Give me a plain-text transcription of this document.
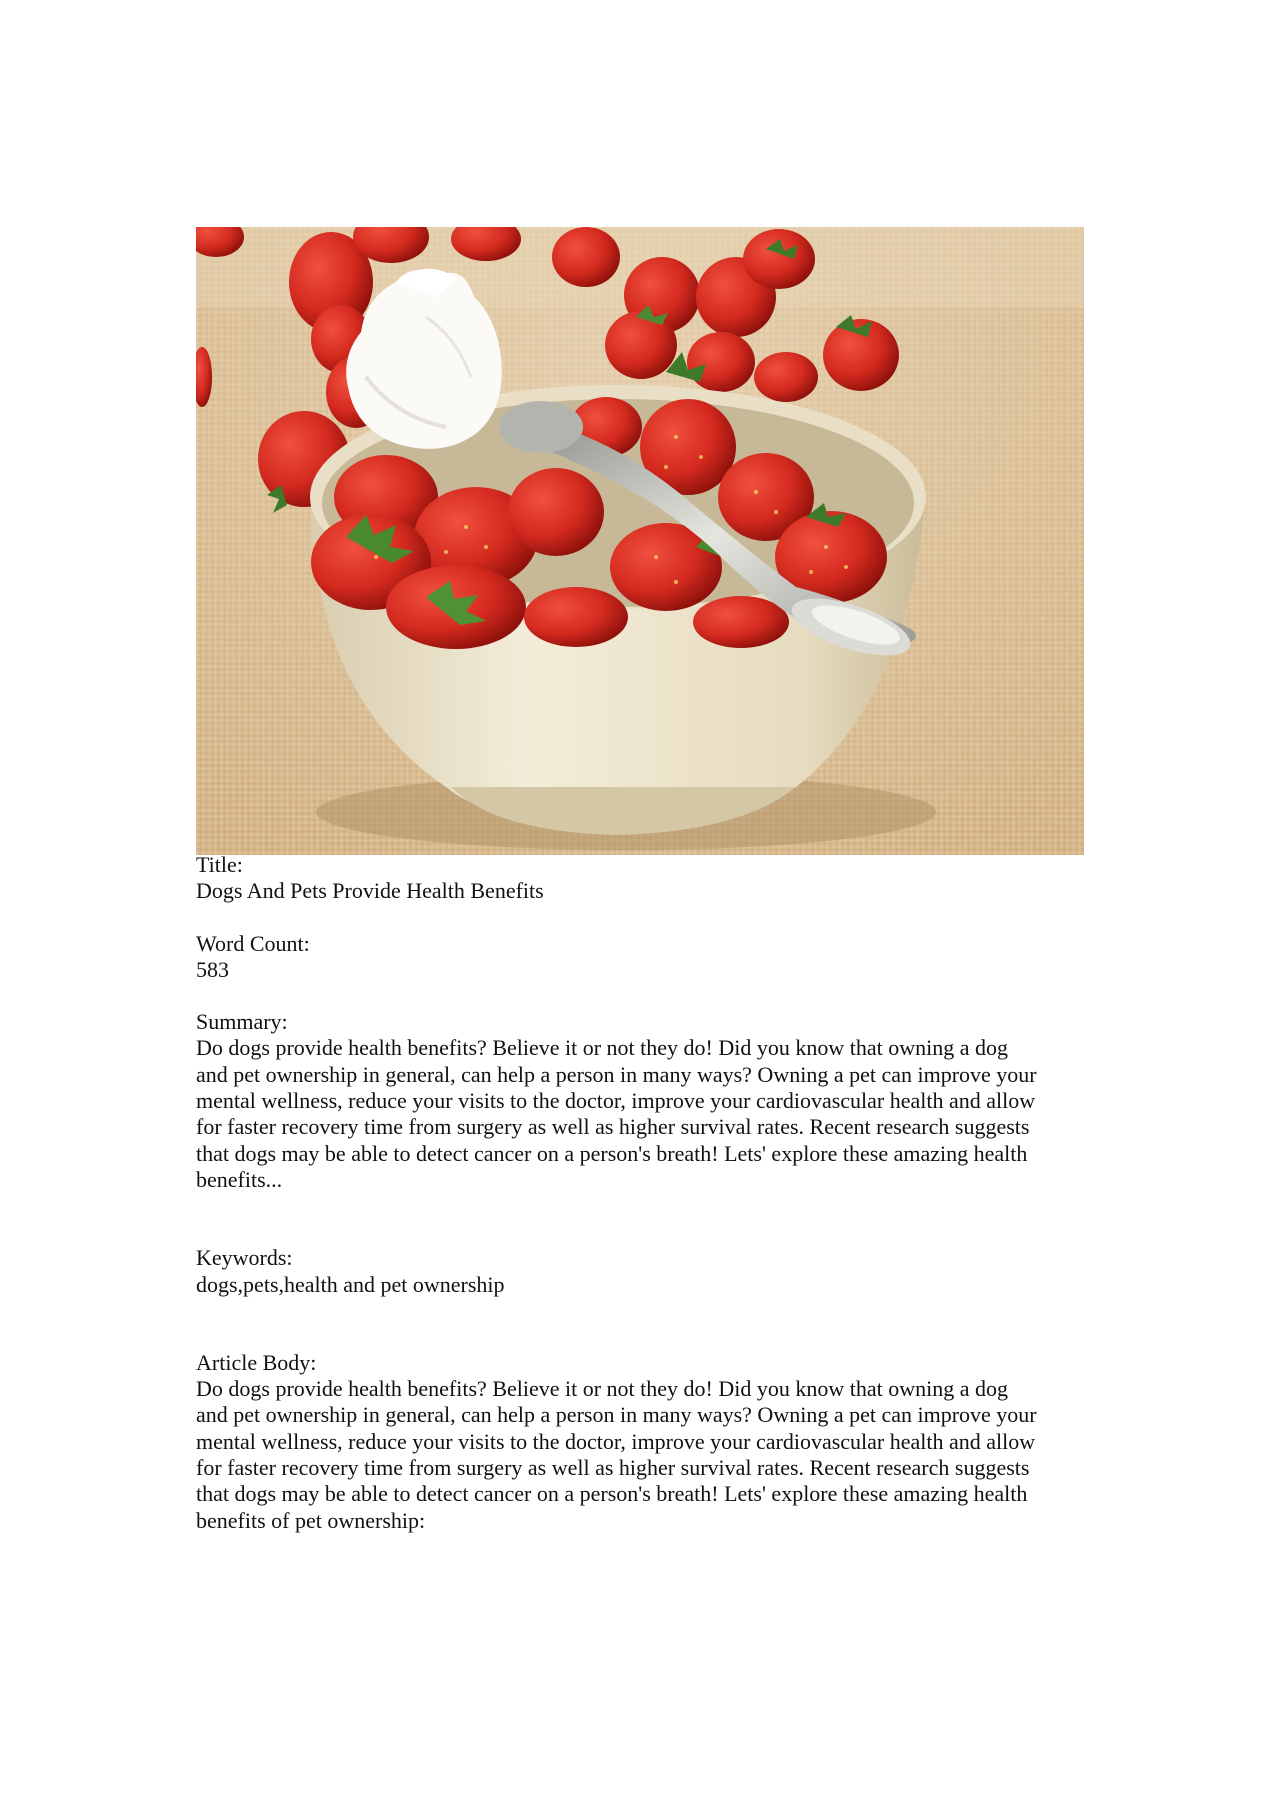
Title:

Dogs And Pets Provide Health Benefits

Word Count:

583

Summary:

Do dogs provide health benefits? Believe it or not they do! Did you know that owning a dog

and pet ownership in general, can help a person in many ways? Owning a pet can improve your

mental wellness, reduce your visits to the doctor, improve your cardiovascular health and allow

for faster recovery time from surgery as well as higher survival rates. Recent research suggests

that dogs may be able to detect cancer on a person's breath! Lets' explore these amazing health

benefits...

Keywords:

dogs,pets,health and pet ownership

Article Body:

Do dogs provide health benefits? Believe it or not they do! Did you know that owning a dog

and pet ownership in general, can help a person in many ways? Owning a pet can improve your

mental wellness, reduce your visits to the doctor, improve your cardiovascular health and allow

for faster recovery time from surgery as well as higher survival rates. Recent research suggests

that dogs may be able to detect cancer on a person's breath! Lets' explore these amazing health

benefits of pet ownership:
